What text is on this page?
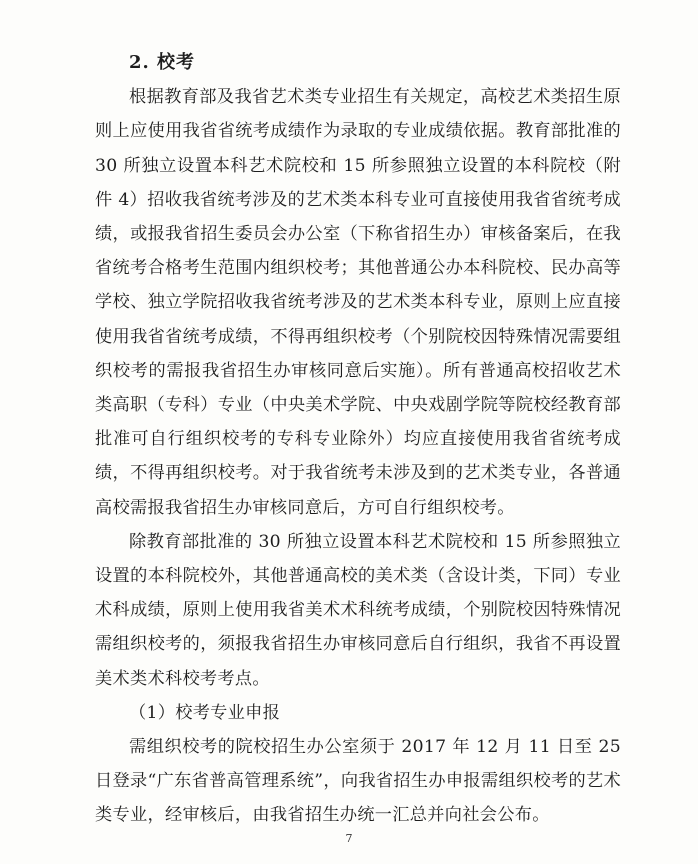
2. 校考

根据教育部及我省艺术类专业招生有关规定，高校艺术类招生原则上应使用我省省统考成绩作为录取的专业成绩依据。教育部批准的 30 所独立设置本科艺术院校和 15 所参照独立设置的本科院校（附件 4）招收我省统考涉及的艺术类本科专业可直接使用我省省统考成绩，或报我省招生委员会办公室（下称省招生办）审核备案后，在我省统考合格考生范围内组织校考；其他普通公办本科院校、民办高等学校、独立学院招收我省统考涉及的艺术类本科专业，原则上应直接使用我省省统考成绩，不得再组织校考（个别院校因特殊情况需要组织校考的需报我省招生办审核同意后实施）。所有普通高校招收艺术类高职（专科）专业（中央美术学院、中央戏剧学院等院校经教育部批准可自行组织校考的专科专业除外）均应直接使用我省省统考成绩，不得再组织校考。对于我省统考未涉及到的艺术类专业，各普通高校需报我省招生办审核同意后，方可自行组织校考。

除教育部批准的 30 所独立设置本科艺术院校和 15 所参照独立设置的本科院校外，其他普通高校的美术类（含设计类，下同）专业术科成绩，原则上使用我省美术术科统考成绩，个别院校因特殊情况需组织校考的，须报我省招生办审核同意后自行组织，我省不再设置美术类术科校考考点。

（1）校考专业申报

需组织校考的院校招生办公室须于 2017 年 12 月 11 日至 25 日登录“广东省普高管理系统”，向我省招生办申报需组织校考的艺术类专业，经审核后，由我省招生办统一汇总并向社会公布。

7
